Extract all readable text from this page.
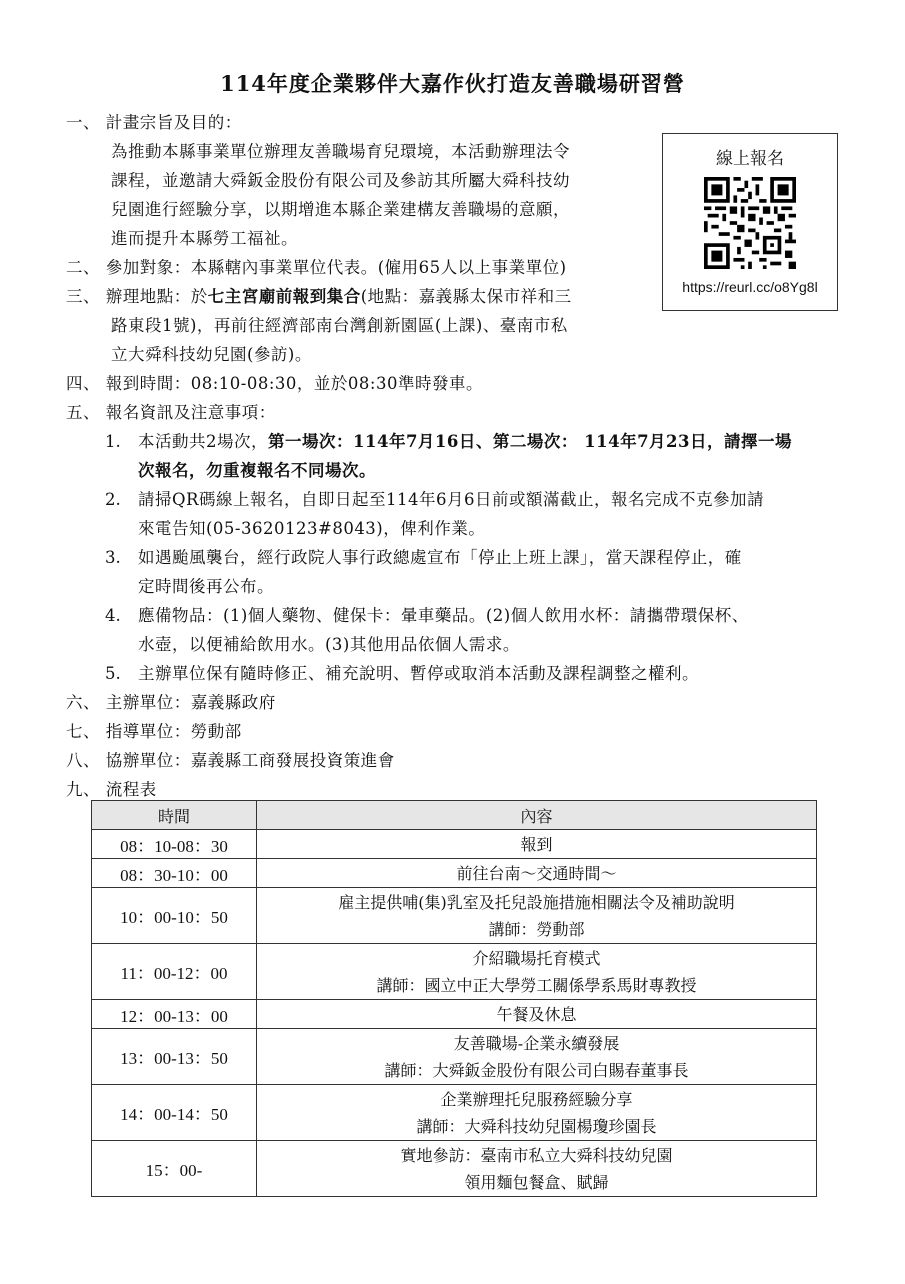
114年度企業夥伴大嘉作伙打造友善職場研習營
一、 計畫宗旨及目的：
為推動本縣事業單位辦理友善職場育兒環境，本活動辦理法令
課程，並邀請大舜鈑金股份有限公司及參訪其所屬大舜科技幼
兒園進行經驗分享，以期增進本縣企業建構友善職場的意願，
進而提升本縣勞工福祉。
二、 參加對象：本縣轄內事業單位代表。(僱用65人以上事業單位)
三、 辦理地點：於七主宮廟前報到集合(地點：嘉義縣太保市祥和三
路東段1號)，再前往經濟部南台灣創新園區(上課)、臺南市私
立大舜科技幼兒園(參訪)。
四、 報到時間：08:10-08:30，並於08:30準時發車。
五、 報名資訊及注意事項：
1. 本活動共2場次，第一場次：114年7月16日、第二場次： 114年7月23日，請擇一場
次報名，勿重複報名不同場次。
2. 請掃QR碼線上報名，自即日起至114年6月6日前或額滿截止，報名完成不克參加請
來電告知(05-3620123#8043)，俾利作業。
3. 如遇颱風襲台，經行政院人事行政總處宣布「停止上班上課」，當天課程停止，確
定時間後再公布。
4. 應備物品：(1)個人藥物、健保卡：暈車藥品。(2)個人飲用水杯：請攜帶環保杯、
水壺，以便補給飲用水。(3)其他用品依個人需求。
5. 主辦單位保有隨時修正、補充說明、暫停或取消本活動及課程調整之權利。
六、 主辦單位：嘉義縣政府
七、 指導單位：勞動部
八、 協辦單位：嘉義縣工商發展投資策進會
九、 流程表
線上報名
https://reurl.cc/o8Yg8l
時間	內容
08：10-08：30	報到

08：30-10：00	前往台南～交通時間～

10：00-10：50	雇主提供哺(集)乳室及托兒設施措施相關法令及補助說明
講師：勞動部

11：00-12：00	介紹職場托育模式
講師：國立中正大學勞工關係學系馬財專教授

12：00-13：00	午餐及休息

13：00-13：50	友善職場-企業永續發展
講師：大舜鈑金股份有限公司白賜春董事長

14：00-14：50	企業辦理托兒服務經驗分享
講師：大舜科技幼兒園楊瓊珍園長

15：00-	實地參訪：臺南市私立大舜科技幼兒園
領用麵包餐盒、賦歸
